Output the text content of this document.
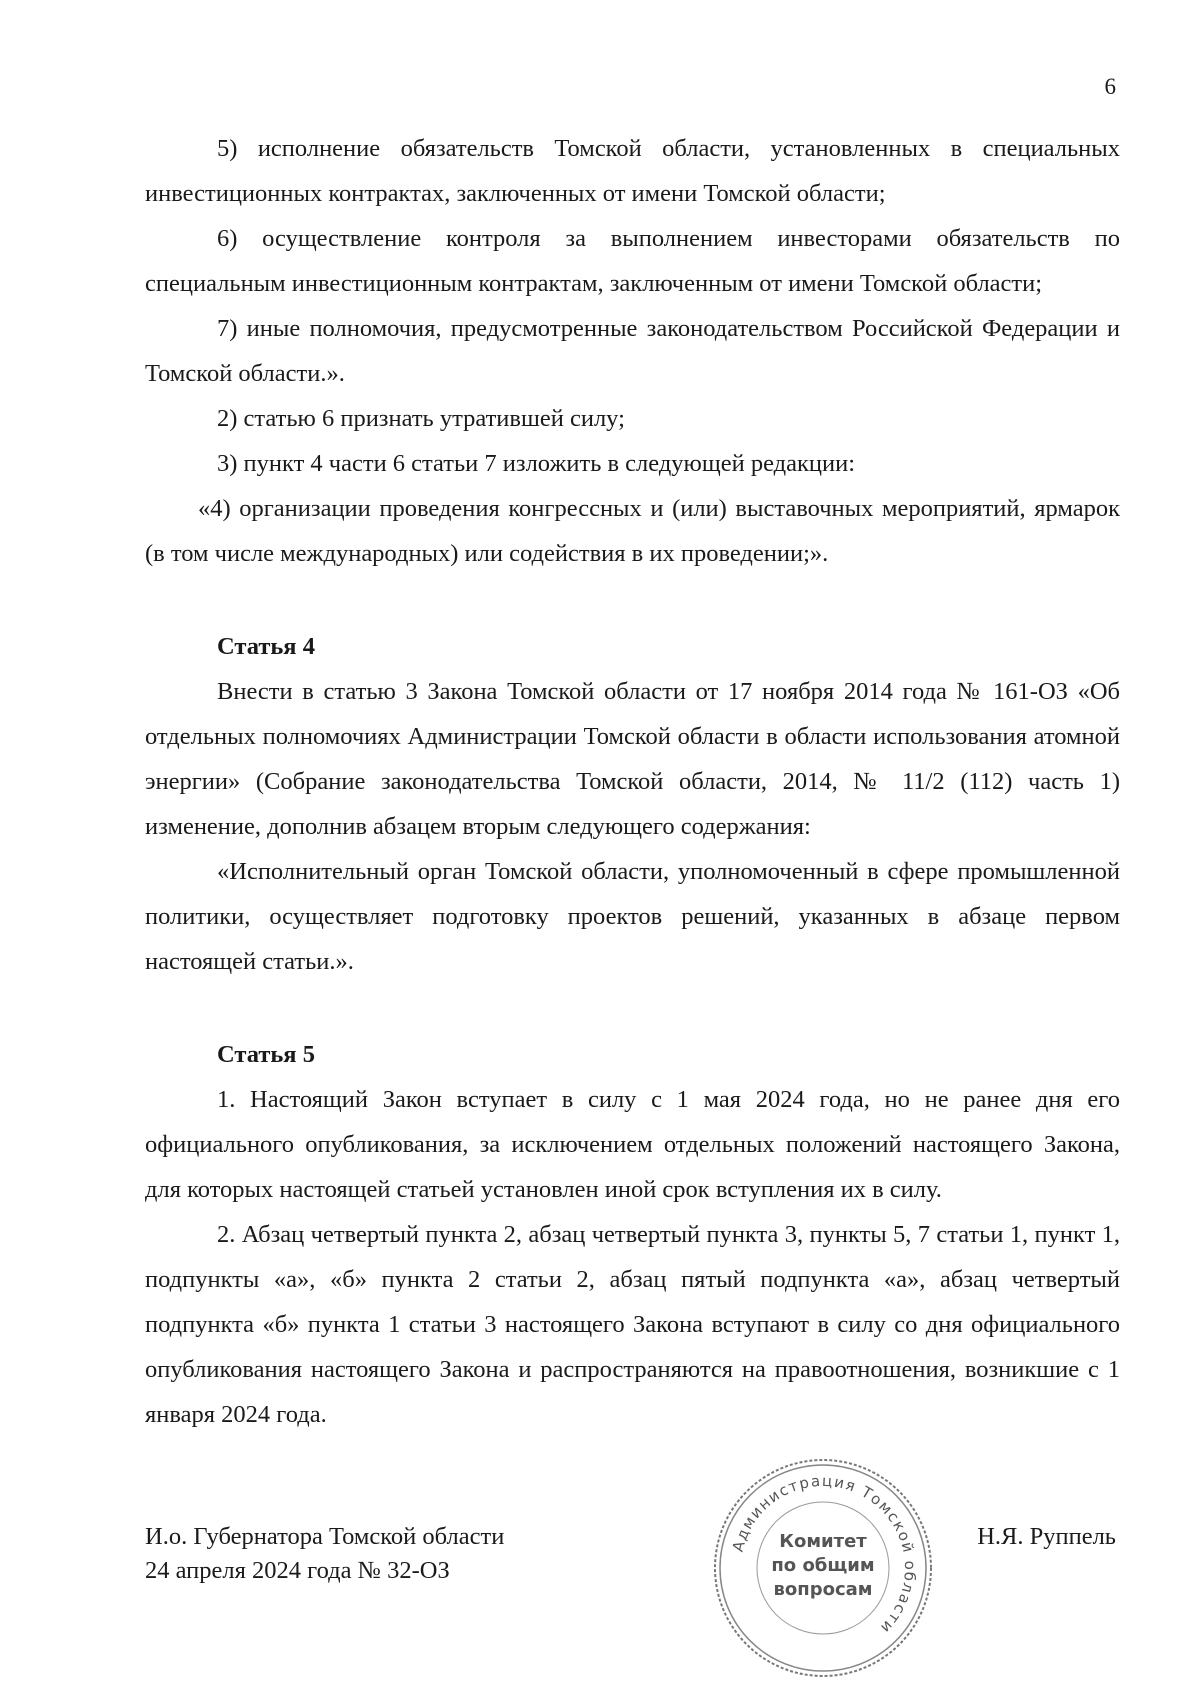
6

5) исполнение обязательств Томской области, установленных в специальных инвестиционных контрактах, заключенных от имени Томской области;

6) осуществление контроля за выполнением инвесторами обязательств по специальным инвестиционным контрактам, заключенным от имени Томской области;

7) иные полномочия, предусмотренные законодательством Российской Федерации и Томской области.».

2) статью 6 признать утратившей силу;

3) пункт 4 части 6 статьи 7 изложить в следующей редакции:

«4) организации проведения конгрессных и (или) выставочных мероприятий, ярмарок (в том числе международных) или содействия в их проведении;».

Статья 4

Внести в статью 3 Закона Томской области от 17 ноября 2014 года № 161-ОЗ «Об отдельных полномочиях Администрации Томской области в области использования атомной энергии» (Собрание законодательства Томской области, 2014, № 11/2 (112) часть 1) изменение, дополнив абзацем вторым следующего содержания:

«Исполнительный орган Томской области, уполномоченный в сфере промышленной политики, осуществляет подготовку проектов решений, указанных в абзаце первом настоящей статьи.».

Статья 5

1. Настоящий Закон вступает в силу с 1 мая 2024 года, но не ранее дня его официального опубликования, за исключением отдельных положений настоящего Закона, для которых настоящей статьей установлен иной срок вступления их в силу.

2. Абзац четвертый пункта 2, абзац четвертый пункта 3, пункты 5, 7 статьи 1, пункт 1, подпункты «а», «б» пункта 2 статьи 2, абзац пятый подпункта «а», абзац четвертый подпункта «б» пункта 1 статьи 3 настоящего Закона вступают в силу со дня официального опубликования настоящего Закона и распространяются на правоотношения, возникшие с 1 января 2024 года.

И.о. Губернатора Томской области
24 апреля 2024 года № 32-ОЗ
Н.Я. Руппель
Администрация Томской области
Комитет
по общим
вопросам
